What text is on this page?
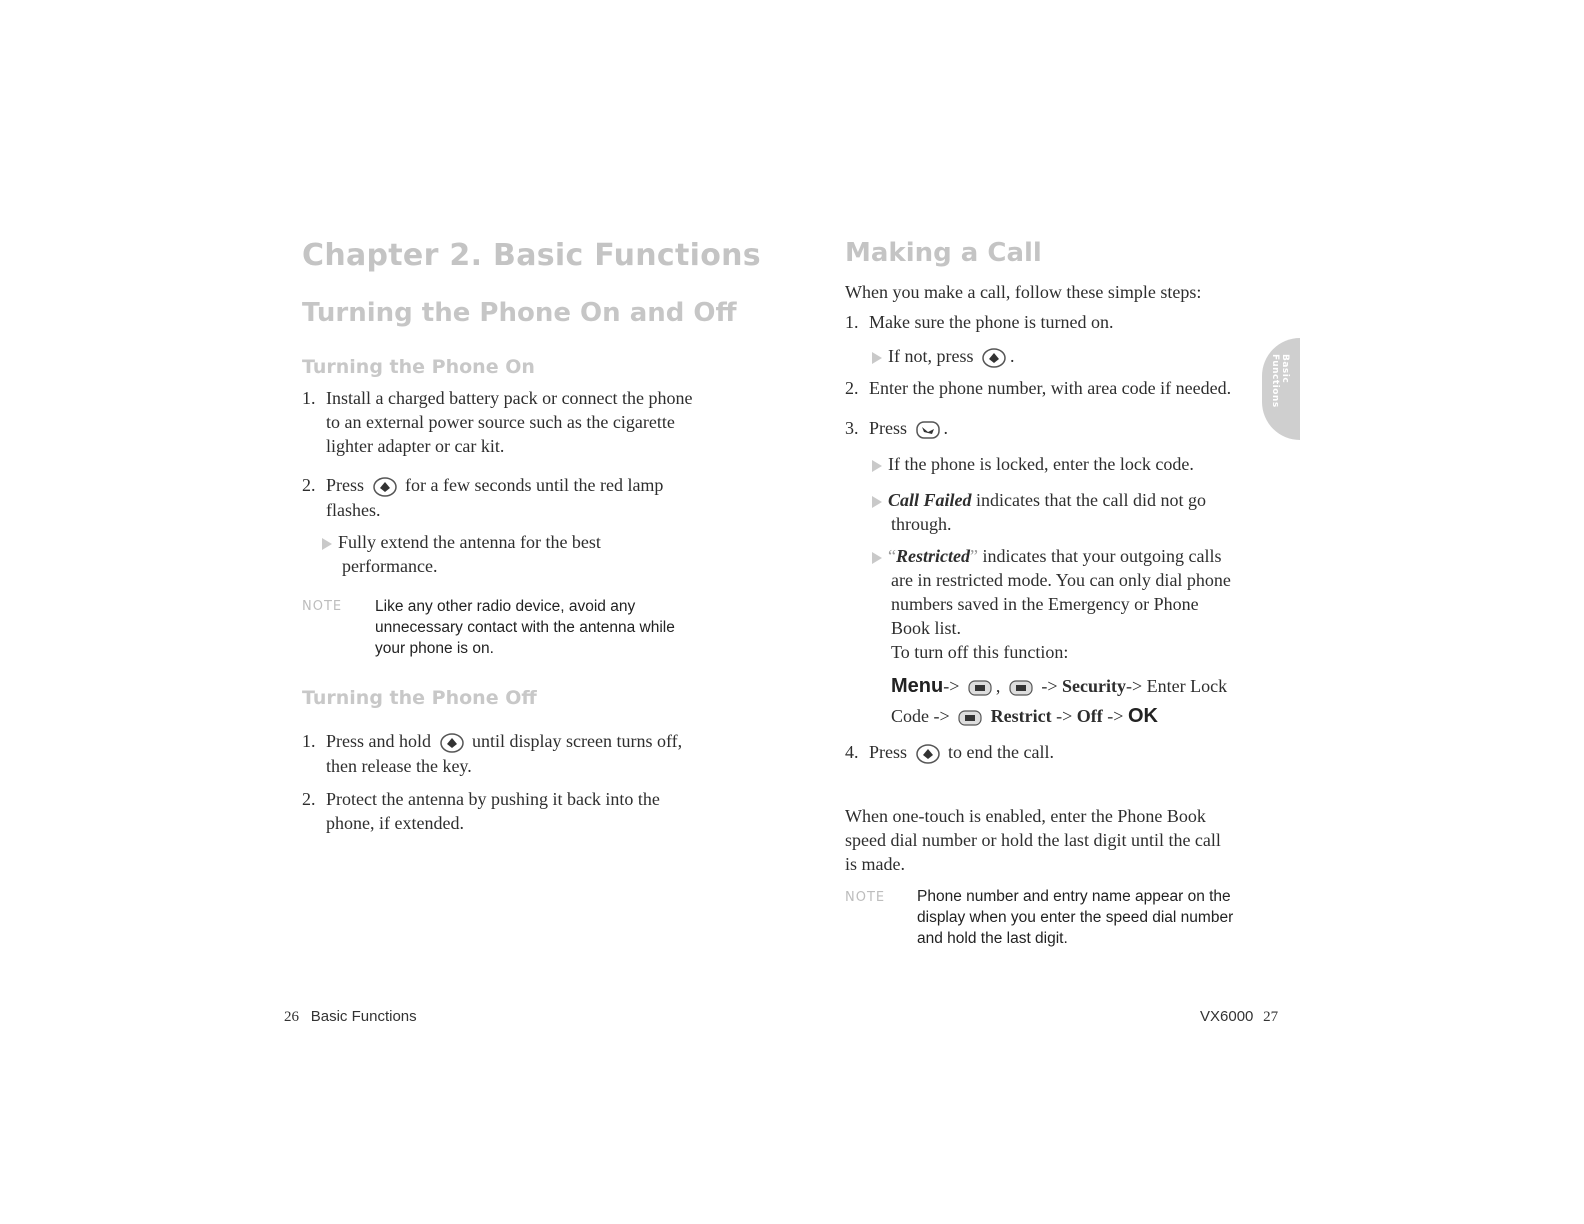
Chapter 2. Basic Functions
Turning the Phone On and Off
Turning the Phone On
1. Install a charged battery pack or connect the phone
to an external power source such as the cigarette
lighter adapter or car kit.
2. Press for a few seconds until the red lamp
flashes.
Fully extend the antenna for the best
performance.
NOTE Like any other radio device, avoid any
unnecessary contact with the antenna while
your phone is on.
Turning the Phone Off
1. Press and hold until display screen turns off,
then release the key.
2. Protect the antenna by pushing it back into the
phone, if extended.
26 Basic Functions
Making a Call
When you make a call, follow these simple steps:
1. Make sure the phone is turned on.
If not, press .
2. Enter the phone number, with area code if needed.
3. Press .
If the phone is locked, enter the lock code.
Call Failed indicates that the call did not go
through.
“Restricted” indicates that your outgoing calls
are in restricted mode. You can only dial phone
numbers saved in the Emergency or Phone
Book list.
To turn off this function:
Menu-> , -> Security-> Enter Lock
Code -> Restrict -> Off -> OK
4. Press to end the call.
When one-touch is enabled, enter the Phone Book
speed dial number or hold the last digit until the call
is made.
NOTE Phone number and entry name appear on the
display when you enter the speed dial number
and hold the last digit.
Basic Functions
VX6000 27
